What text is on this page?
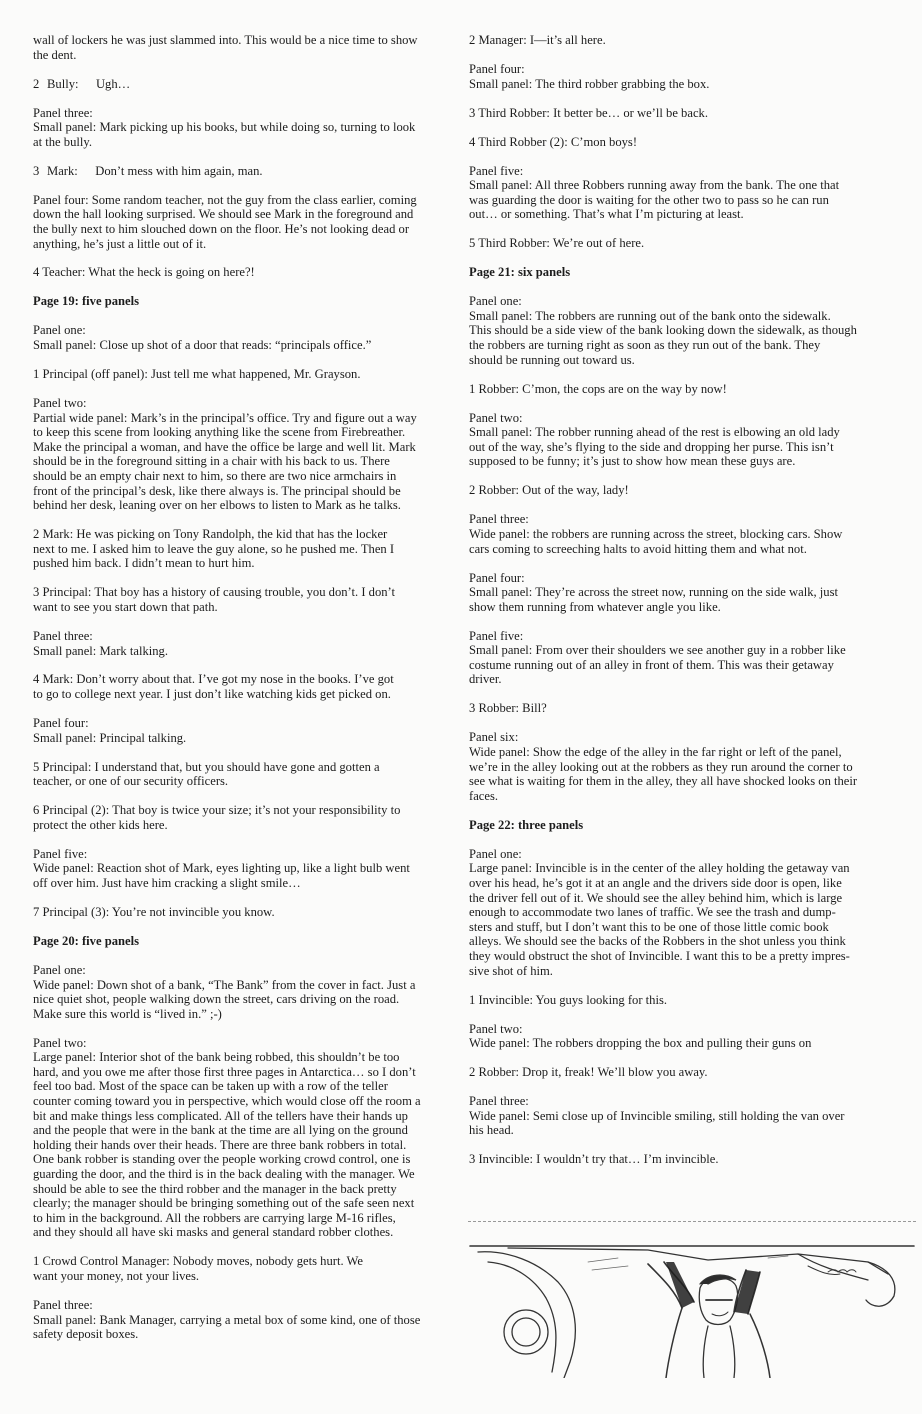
wall of lockers he was just slammed into. This would be a nice time to show
the dent.
2 Bully: Ugh…
Panel three:
Small panel: Mark picking up his books, but while doing so, turning to look
at the bully.
3 Mark: Don’t mess with him again, man.
Panel four: Some random teacher, not the guy from the class earlier, coming
down the hall looking surprised. We should see Mark in the foreground and
the bully next to him slouched down on the floor. He’s not looking dead or
anything, he’s just a little out of it.
4 Teacher: What the heck is going on here?!
Page 19: five panels
Panel one:
Small panel: Close up shot of a door that reads: “principals office.”
1 Principal (off panel): Just tell me what happened, Mr. Grayson.
Panel two:
Partial wide panel: Mark’s in the principal’s office. Try and figure out a way
to keep this scene from looking anything like the scene from Firebreather.
Make the principal a woman, and have the office be large and well lit. Mark
should be in the foreground sitting in a chair with his back to us. There
should be an empty chair next to him, so there are two nice armchairs in
front of the principal’s desk, like there always is. The principal should be
behind her desk, leaning over on her elbows to listen to Mark as he talks.
2 Mark: He was picking on Tony Randolph, the kid that has the locker
next to me. I asked him to leave the guy alone, so he pushed me. Then I
pushed him back. I didn’t mean to hurt him.
3 Principal: That boy has a history of causing trouble, you don’t. I don’t
want to see you start down that path.
Panel three:
Small panel: Mark talking.
4 Mark: Don’t worry about that. I’ve got my nose in the books. I’ve got
to go to college next year. I just don’t like watching kids get picked on.
Panel four:
Small panel: Principal talking.
5 Principal: I understand that, but you should have gone and gotten a
teacher, or one of our security officers.
6 Principal (2): That boy is twice your size; it’s not your responsibility to
protect the other kids here.
Panel five:
Wide panel: Reaction shot of Mark, eyes lighting up, like a light bulb went
off over him. Just have him cracking a slight smile…
7 Principal (3): You’re not invincible you know.
Page 20: five panels
Panel one:
Wide panel: Down shot of a bank, “The Bank” from the cover in fact. Just a
nice quiet shot, people walking down the street, cars driving on the road.
Make sure this world is “lived in.” ;-)
Panel two:
Large panel: Interior shot of the bank being robbed, this shouldn’t be too
hard, and you owe me after those first three pages in Antarctica… so I don’t
feel too bad. Most of the space can be taken up with a row of the teller
counter coming toward you in perspective, which would close off the room a
bit and make things less complicated. All of the tellers have their hands up
and the people that were in the bank at the time are all lying on the ground
holding their hands over their heads. There are three bank robbers in total.
One bank robber is standing over the people working crowd control, one is
guarding the door, and the third is in the back dealing with the manager. We
should be able to see the third robber and the manager in the back pretty
clearly; the manager should be bringing something out of the safe seen next
to him in the background. All the robbers are carrying large M-16 rifles,
and they should all have ski masks and general standard robber clothes.
1 Crowd Control Manager: Nobody moves, nobody gets hurt. We
want your money, not your lives.
Panel three:
Small panel: Bank Manager, carrying a metal box of some kind, one of those
safety deposit boxes.
2 Manager: I—it’s all here.
Panel four:
Small panel: The third robber grabbing the box.
3 Third Robber: It better be… or we’ll be back.
4 Third Robber (2): C’mon boys!
Panel five:
Small panel: All three Robbers running away from the bank. The one that
was guarding the door is waiting for the other two to pass so he can run
out… or something. That’s what I’m picturing at least.
5 Third Robber: We’re out of here.
Page 21: six panels
Panel one:
Small panel: The robbers are running out of the bank onto the sidewalk.
This should be a side view of the bank looking down the sidewalk, as though
the robbers are turning right as soon as they run out of the bank. They
should be running out toward us.
1 Robber: C’mon, the cops are on the way by now!
Panel two:
Small panel: The robber running ahead of the rest is elbowing an old lady
out of the way, she’s flying to the side and dropping her purse. This isn’t
supposed to be funny; it’s just to show how mean these guys are.
2 Robber: Out of the way, lady!
Panel three:
Wide panel: the robbers are running across the street, blocking cars. Show
cars coming to screeching halts to avoid hitting them and what not.
Panel four:
Small panel: They’re across the street now, running on the side walk, just
show them running from whatever angle you like.
Panel five:
Small panel: From over their shoulders we see another guy in a robber like
costume running out of an alley in front of them. This was their getaway
driver.
3 Robber: Bill?
Panel six:
Wide panel: Show the edge of the alley in the far right or left of the panel,
we’re in the alley looking out at the robbers as they run around the corner to
see what is waiting for them in the alley, they all have shocked looks on their
faces.
Page 22: three panels
Panel one:
Large panel: Invincible is in the center of the alley holding the getaway van
over his head, he’s got it at an angle and the drivers side door is open, like
the driver fell out of it. We should see the alley behind him, which is large
enough to accommodate two lanes of traffic. We see the trash and dump-
sters and stuff, but I don’t want this to be one of those little comic book
alleys. We should see the backs of the Robbers in the shot unless you think
they would obstruct the shot of Invincible. I want this to be a pretty impres-
sive shot of him.
1 Invincible: You guys looking for this.
Panel two:
Wide panel: The robbers dropping the box and pulling their guns on
2 Robber: Drop it, freak! We’ll blow you away.
Panel three:
Wide panel: Semi close up of Invincible smiling, still holding the van over
his head.
3 Invincible: I wouldn’t try that… I’m invincible.
